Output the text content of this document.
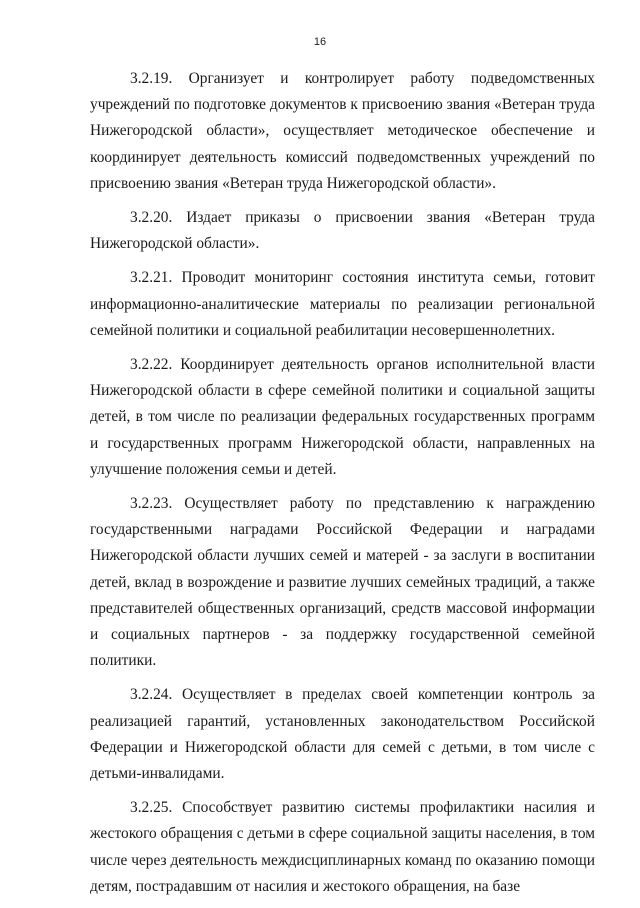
16

3.2.19. Организует и контролирует работу подведомственных учреждений по подготовке документов к присвоению звания «Ветеран труда Нижегородской области», осуществляет методическое обеспечение и координирует деятельность комиссий подведомственных учреждений по присвоению звания «Ветеран труда Нижегородской области».

3.2.20. Издает приказы о присвоении звания «Ветеран труда Нижегородской области».

3.2.21. Проводит мониторинг состояния института семьи, готовит информационно-аналитические материалы по реализации региональной семейной политики и социальной реабилитации несовершеннолетних.

3.2.22. Координирует деятельность органов исполнительной власти Нижегородской области в сфере семейной политики и социальной защиты детей, в том числе по реализации федеральных государственных программ и государственных программ Нижегородской области, направленных на улучшение положения семьи и детей.

3.2.23. Осуществляет работу по представлению к награждению государственными наградами Российской Федерации и наградами Нижегородской области лучших семей и матерей - за заслуги в воспитании детей, вклад в возрождение и развитие лучших семейных традиций, а также представителей общественных организаций, средств массовой информации и социальных партнеров - за поддержку государственной семейной политики.

3.2.24. Осуществляет в пределах своей компетенции контроль за реализацией гарантий, установленных законодательством Российской Федерации и Нижегородской области для семей с детьми, в том числе с детьми-инвалидами.

3.2.25. Способствует развитию системы профилактики насилия и жестокого обращения с детьми в сфере социальной защиты населения, в том числе через деятельность междисциплинарных команд по оказанию помощи детям, пострадавшим от насилия и жестокого обращения, на базе
